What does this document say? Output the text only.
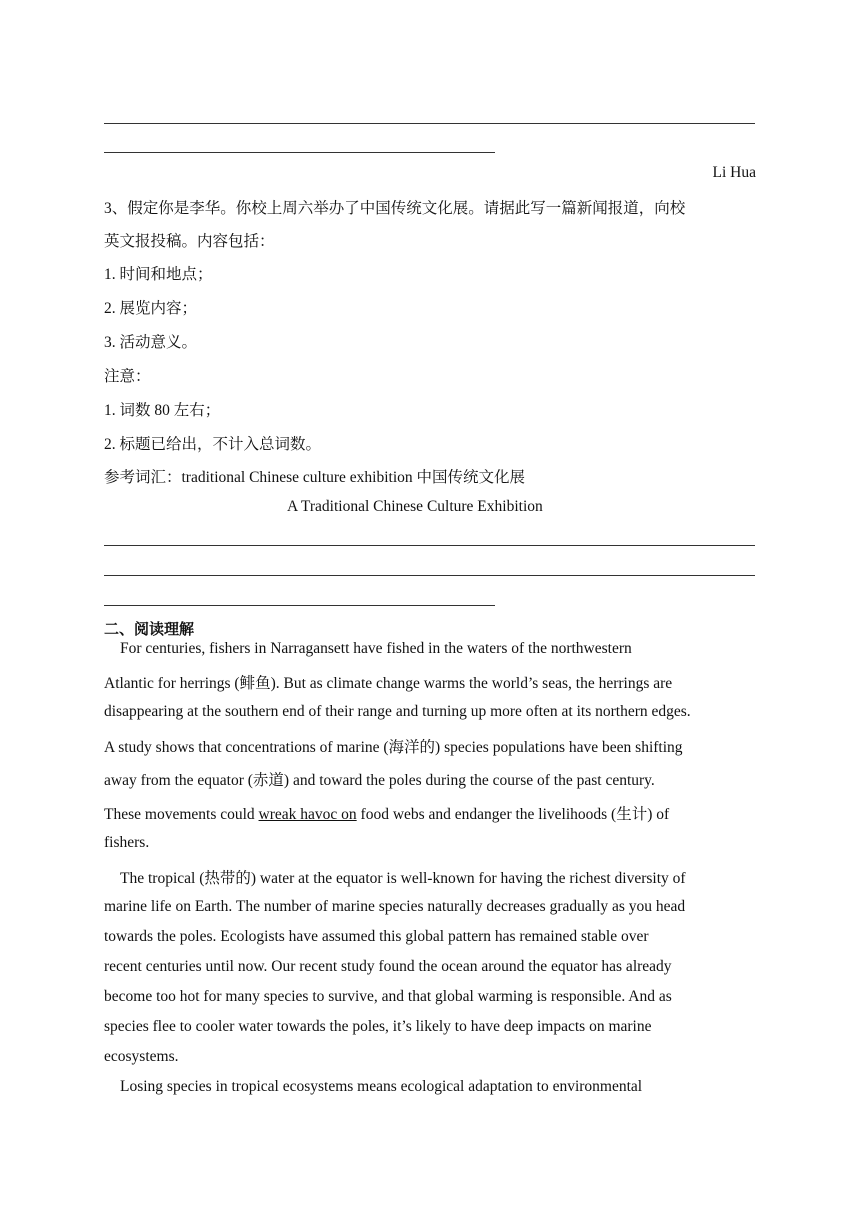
Li Hua
3、假定你是李华。你校上周六举办了中国传统文化展。请据此写一篇新闻报道，向校
英文报投稿。内容包括：
1. 时间和地点；
2. 展览内容；
3. 活动意义。
注意：
1. 词数 80 左右；
2. 标题已给出，不计入总词数。
参考词汇：traditional Chinese culture exhibition 中国传统文化展
A Traditional Chinese Culture Exhibition
二、阅读理解
For centuries, fishers in Narragansett have fished in the waters of the northwestern
Atlantic for herrings (鲱鱼). But as climate change warms the world’s seas, the herrings are
disappearing at the southern end of their range and turning up more often at its northern edges.
A study shows that concentrations of marine (海洋的) species populations have been shifting
away from the equator (赤道) and toward the poles during the course of the past century.
These movements could wreak havoc on food webs and endanger the livelihoods (生计) of
fishers.
The tropical (热带的) water at the equator is well-known for having the richest diversity of
marine life on Earth. The number of marine species naturally decreases gradually as you head
towards the poles. Ecologists have assumed this global pattern has remained stable over
recent centuries until now. Our recent study found the ocean around the equator has already
become too hot for many species to survive, and that global warming is responsible. And as
species flee to cooler water towards the poles, it’s likely to have deep impacts on marine
ecosystems.
Losing species in tropical ecosystems means ecological adaptation to environmental
